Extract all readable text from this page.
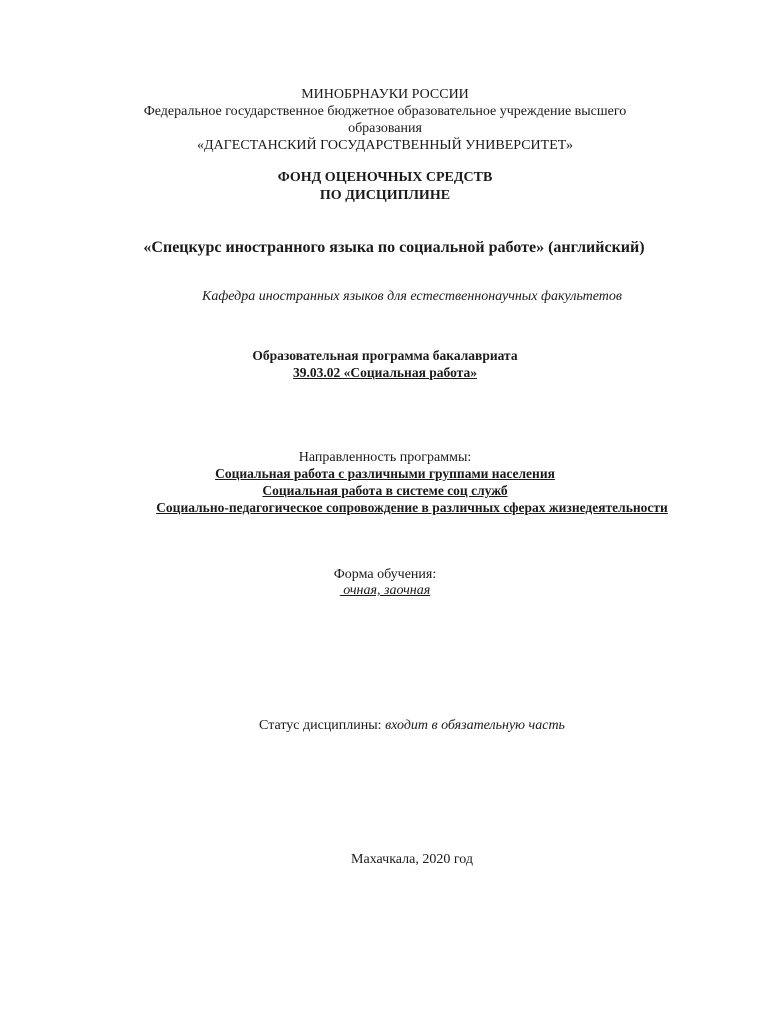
МИНОБРНАУКИ РОССИИ
Федеральное государственное бюджетное образовательное учреждение высшего
образования
«ДАГЕСТАНСКИЙ ГОСУДАРСТВЕННЫЙ УНИВЕРСИТЕТ»
ФОНД ОЦЕНОЧНЫХ СРЕДСТВ
ПО ДИСЦИПЛИНЕ
«Спецкурс иностранного языка по социальной работе» (английский)
Кафедра иностранных языков для естественнонаучных факультетов
Образовательная программа бакалавриата
39.03.02 «Социальная работа»
Направленность программы:
Социальная работа с различными группами населения
Социальная работа в системе соц служб
Социально-педагогическое сопровождение в различных сферах жизнедеятельности
Форма обучения:
очная, заочная
Статус дисциплины: входит в обязательную часть
Махачкала, 2020 год
